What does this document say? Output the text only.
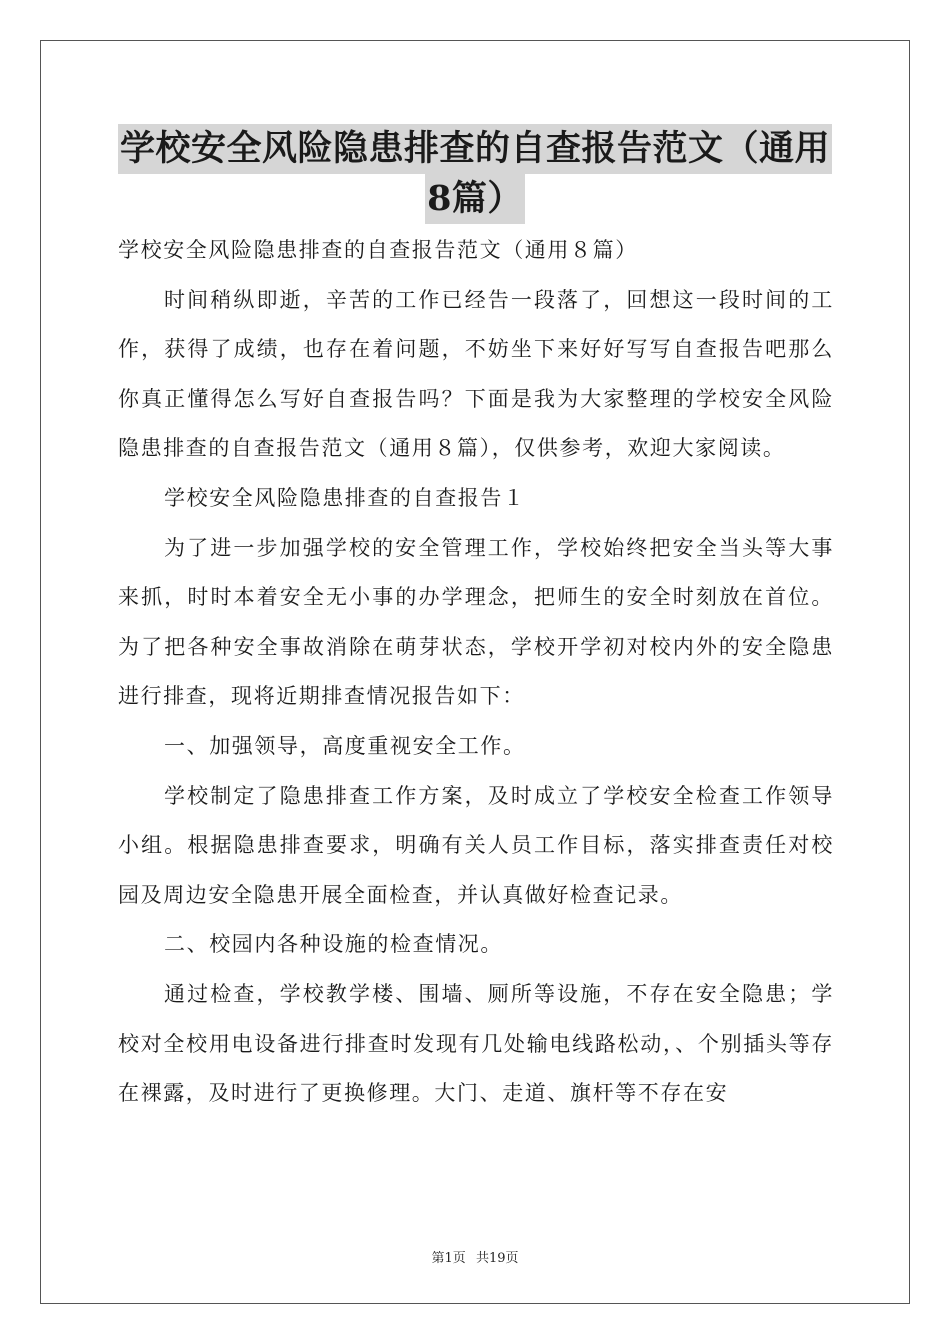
学校安全风险隐患排查的自查报告范文（通用
8篇）

学校安全风险隐患排查的自查报告范文（通用８篇）

时间稍纵即逝，辛苦的工作已经告一段落了，回想这一段时间的工作，获得了成绩，也存在着问题，不妨坐下来好好写写自查报告吧那么你真正懂得怎么写好自查报告吗？下面是我为大家整理的学校安全风险隐患排查的自查报告范文（通用８篇），仅供参考，欢迎大家阅读。

学校安全风险隐患排查的自查报告１

为了进一步加强学校的安全管理工作，学校始终把安全当头等大事来抓，时时本着安全无小事的办学理念，把师生的安全时刻放在首位。为了把各种安全事故消除在萌芽状态，学校开学初对校内外的安全隐患进行排查，现将近期排查情况报告如下：

一、加强领导，高度重视安全工作。

学校制定了隐患排查工作方案，及时成立了学校安全检查工作领导小组。根据隐患排查要求，明确有关人员工作目标，落实排查责任对校园及周边安全隐患开展全面检查，并认真做好检查记录。

二、校园内各种设施的检查情况。

通过检查，学校教学楼、围墙、厕所等设施，不存在安全隐患；学校对全校用电设备进行排查时发现有几处输电线路松动，、个别插头等存在裸露，及时进行了更换修理。大门、走道、旗杆等不存在安

第1页 共19页
